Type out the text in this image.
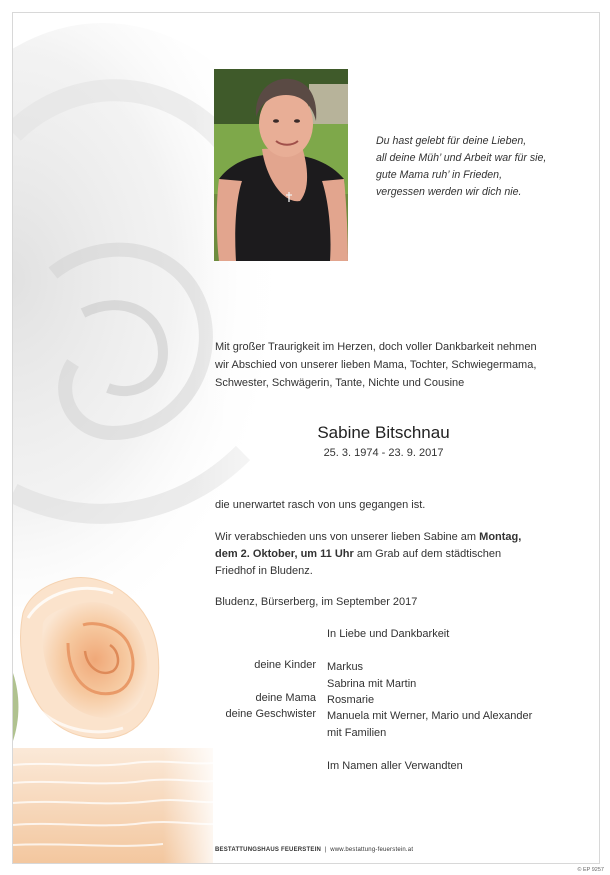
Du hast gelebt für deine Lieben,
all deine Müh’ und Arbeit war für sie,
gute Mama ruh’ in Frieden,
vergessen werden wir dich nie.
Mit großer Traurigkeit im Herzen, doch voller Dankbarkeit nehmen
wir Abschied von unserer lieben Mama, Tochter, Schwiegermama,
Schwester, Schwägerin, Tante, Nichte und Cousine
Sabine Bitschnau
25. 3. 1974 - 23. 9. 2017
die unerwartet rasch von uns gegangen ist.
Wir verabschieden uns von unserer lieben Sabine am Montag,
dem 2. Oktober, um 11 Uhr am Grab auf dem städtischen
Friedhof in Bludenz.
Bludenz, Bürserberg, im September 2017
In Liebe und Dankbarkeit
deine Kinder Markus
Sabrina mit Martin
deine Mama Rosmarie
deine Geschwister Manuela mit Werner, Mario und Alexander
mit Familien
Im Namen aller Verwandten
BESTATTUNGSHAUS FEUERSTEIN | www.bestattung-feuerstein.at
© EP 9257
